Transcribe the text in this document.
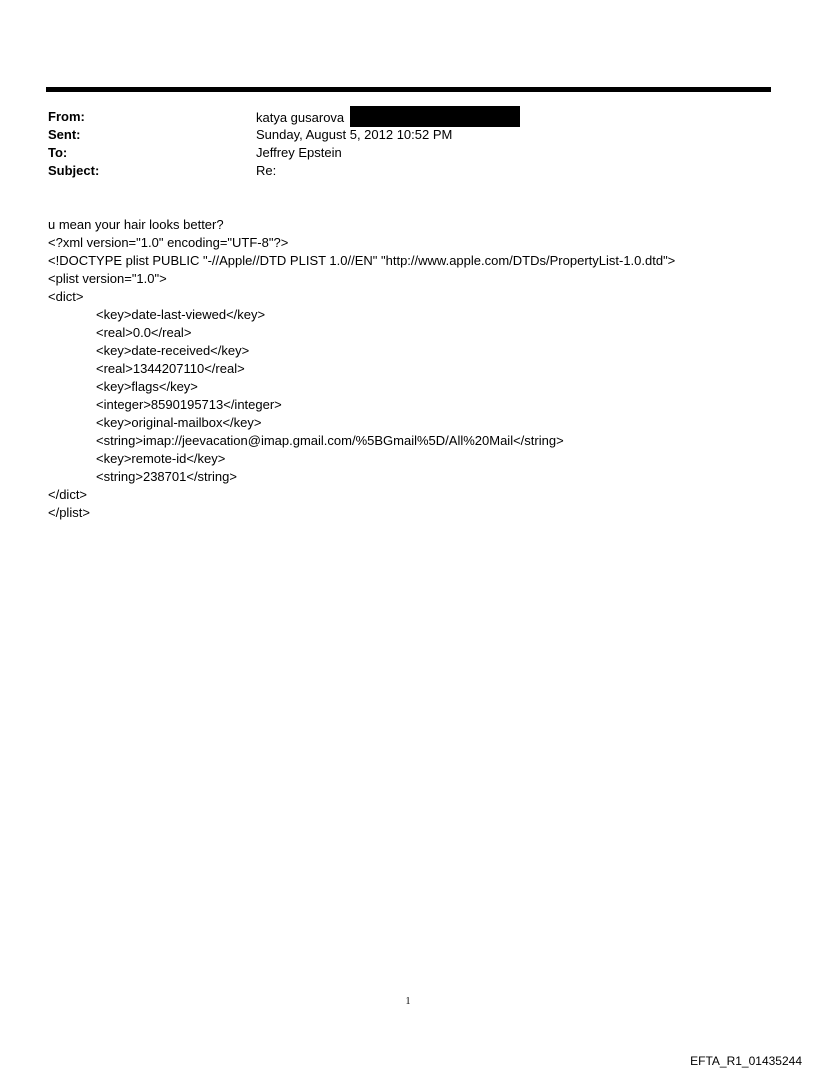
From:	katya gusarova
Sent:	Sunday, August 5, 2012 10:52 PM
To:	Jeffrey Epstein
Subject:	Re:
u mean your hair looks better?
<?xml version="1.0" encoding="UTF-8"?>
<!DOCTYPE plist PUBLIC "-//Apple//DTD PLIST 1.0//EN" "http://www.apple.com/DTDs/PropertyList-1.0.dtd">
<plist version="1.0">
<dict>
<key>date-last-viewed</key>
<real>0.0</real>
<key>date-received</key>
<real>1344207110</real>
<key>flags</key>
<integer>8590195713</integer>
<key>original-mailbox</key>
<string>imap://jeevacation@imap.gmail.com/%5BGmail%5D/All%20Mail</string>
<key>remote-id</key>
<string>238701</string>
</dict>
</plist>
1
EFTA_R1_01435244
